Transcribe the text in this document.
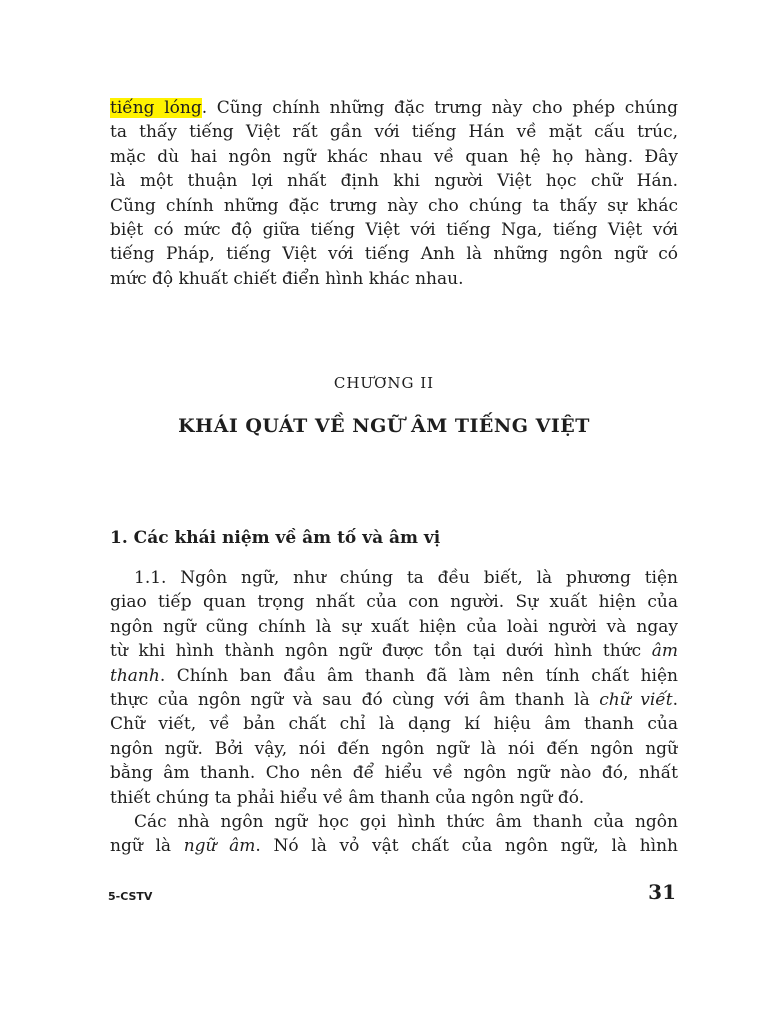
tiếng lóng. Cũng chính những đặc trưng này cho phép chúng
ta thấy tiếng Việt rất gần với tiếng Hán về mặt cấu trúc,
mặc dù hai ngôn ngữ khác nhau về quan hệ họ hàng. Đây
là một thuận lợi nhất định khi người Việt học chữ Hán.
Cũng chính những đặc trưng này cho chúng ta thấy sự khác
biệt có mức độ giữa tiếng Việt với tiếng Nga, tiếng Việt với
tiếng Pháp, tiếng Việt với tiếng Anh là những ngôn ngữ có
mức độ khuất chiết điển hình khác nhau.
CHƯƠNG II
KHÁI QUÁT VỀ NGỮ ÂM TIẾNG VIỆT
1. Các khái niệm về âm tố và âm vị
1.1. Ngôn ngữ, như chúng ta đều biết, là phương tiện
giao tiếp quan trọng nhất của con người. Sự xuất hiện của
ngôn ngữ cũng chính là sự xuất hiện của loài người và ngay
từ khi hình thành ngôn ngữ được tồn tại dưới hình thức âm
thanh. Chính ban đầu âm thanh đã làm nên tính chất hiện
thực của ngôn ngữ và sau đó cùng với âm thanh là chữ viết.
Chữ viết, về bản chất chỉ là dạng kí hiệu âm thanh của
ngôn ngữ. Bởi vậy, nói đến ngôn ngữ là nói đến ngôn ngữ
bằng âm thanh. Cho nên để hiểu về ngôn ngữ nào đó, nhất
thiết chúng ta phải hiểu về âm thanh của ngôn ngữ đó.
Các nhà ngôn ngữ học gọi hình thức âm thanh của ngôn
ngữ là ngữ âm. Nó là vỏ vật chất của ngôn ngữ, là hình
5-CSTV	31
